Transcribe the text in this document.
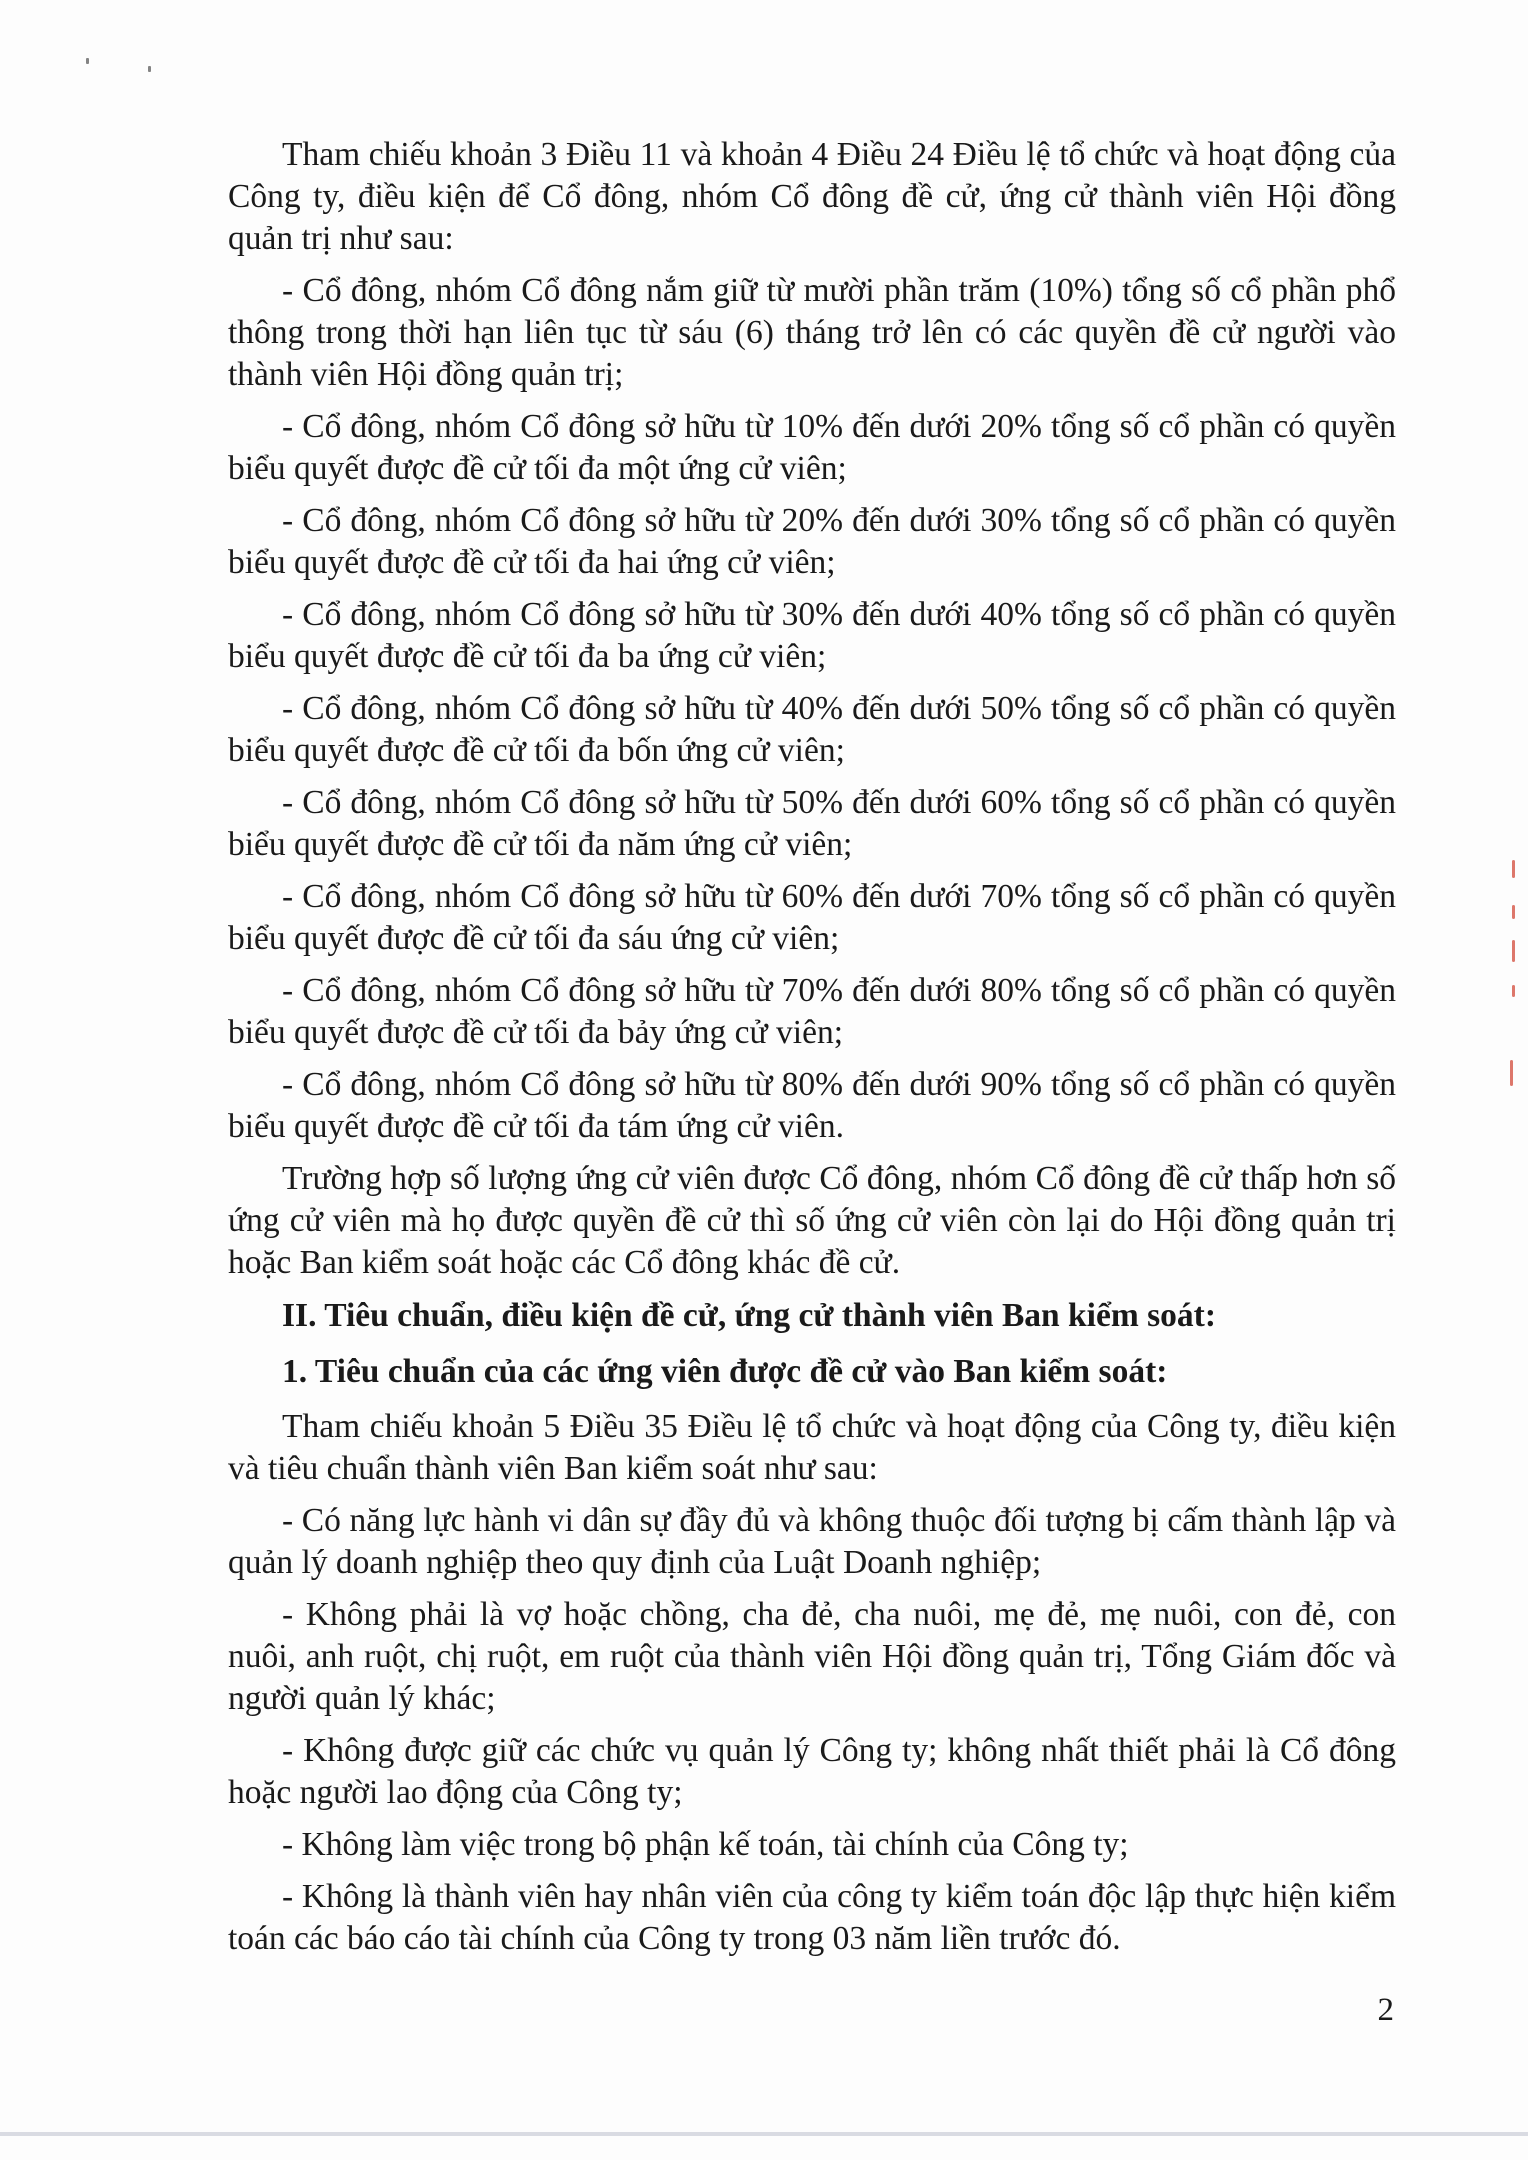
Tham chiếu khoản 3 Điều 11 và khoản 4 Điều 24 Điều lệ tổ chức và hoạt động của Công ty, điều kiện để Cổ đông, nhóm Cổ đông đề cử, ứng cử thành viên Hội đồng quản trị như sau:

- Cổ đông, nhóm Cổ đông nắm giữ từ mười phần trăm (10%) tổng số cổ phần phổ thông trong thời hạn liên tục từ sáu (6) tháng trở lên có các quyền đề cử người vào thành viên Hội đồng quản trị;

- Cổ đông, nhóm Cổ đông sở hữu từ 10% đến dưới 20% tổng số cổ phần có quyền biểu quyết được đề cử tối đa một ứng cử viên;

- Cổ đông, nhóm Cổ đông sở hữu từ 20% đến dưới 30% tổng số cổ phần có quyền biểu quyết được đề cử tối đa hai ứng cử viên;

- Cổ đông, nhóm Cổ đông sở hữu từ 30% đến dưới 40% tổng số cổ phần có quyền biểu quyết được đề cử tối đa ba ứng cử viên;

- Cổ đông, nhóm Cổ đông sở hữu từ 40% đến dưới 50% tổng số cổ phần có quyền biểu quyết được đề cử tối đa bốn ứng cử viên;

- Cổ đông, nhóm Cổ đông sở hữu từ 50% đến dưới 60% tổng số cổ phần có quyền biểu quyết được đề cử tối đa năm ứng cử viên;

- Cổ đông, nhóm Cổ đông sở hữu từ 60% đến dưới 70% tổng số cổ phần có quyền biểu quyết được đề cử tối đa sáu ứng cử viên;

- Cổ đông, nhóm Cổ đông sở hữu từ 70% đến dưới 80% tổng số cổ phần có quyền biểu quyết được đề cử tối đa bảy ứng cử viên;

- Cổ đông, nhóm Cổ đông sở hữu từ 80% đến dưới 90% tổng số cổ phần có quyền biểu quyết được đề cử tối đa tám ứng cử viên.

Trường hợp số lượng ứng cử viên được Cổ đông, nhóm Cổ đông đề cử thấp hơn số ứng cử viên mà họ được quyền đề cử thì số ứng cử viên còn lại do Hội đồng quản trị hoặc Ban kiểm soát hoặc các Cổ đông khác đề cử.

II. Tiêu chuẩn, điều kiện đề cử, ứng cử thành viên Ban kiểm soát:

1. Tiêu chuẩn của các ứng viên được đề cử vào Ban kiểm soát:

Tham chiếu khoản 5 Điều 35 Điều lệ tổ chức và hoạt động của Công ty, điều kiện và tiêu chuẩn thành viên Ban kiểm soát như sau:

- Có năng lực hành vi dân sự đầy đủ và không thuộc đối tượng bị cấm thành lập và quản lý doanh nghiệp theo quy định của Luật Doanh nghiệp;

- Không phải là vợ hoặc chồng, cha đẻ, cha nuôi, mẹ đẻ, mẹ nuôi, con đẻ, con nuôi, anh ruột, chị ruột, em ruột của thành viên Hội đồng quản trị, Tổng Giám đốc và người quản lý khác;

- Không được giữ các chức vụ quản lý Công ty; không nhất thiết phải là Cổ đông hoặc người lao động của Công ty;

- Không làm việc trong bộ phận kế toán, tài chính của Công ty;

- Không là thành viên hay nhân viên của công ty kiểm toán độc lập thực hiện kiểm toán các báo cáo tài chính của Công ty trong 03 năm liền trước đó.

2
